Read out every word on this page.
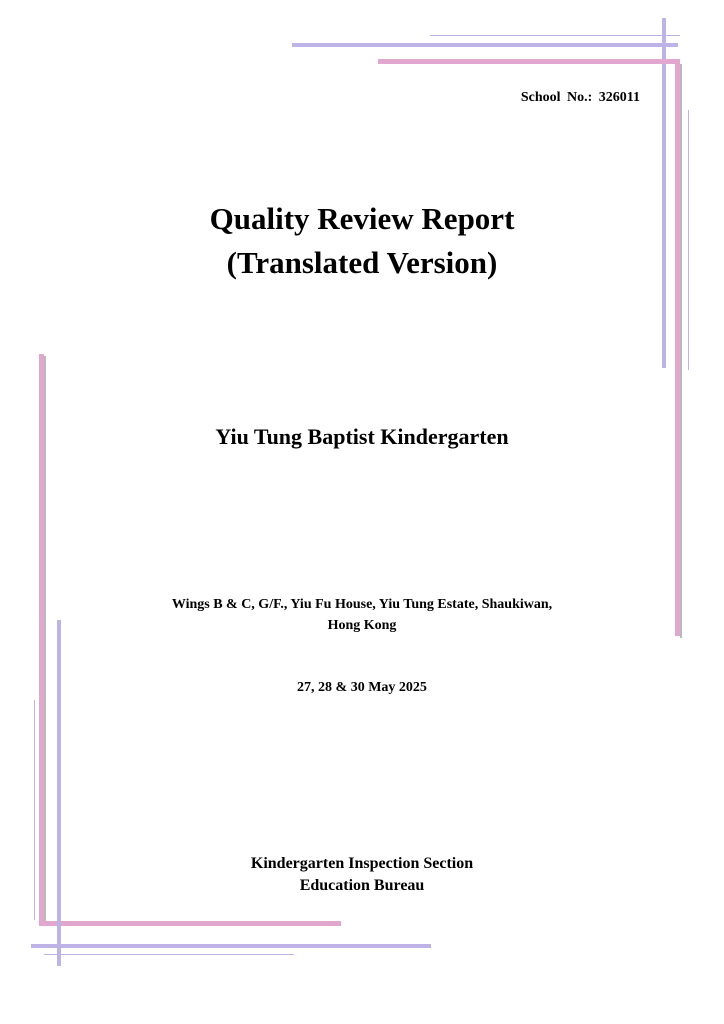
School No.: 326011
Quality Review Report
(Translated Version)
Yiu Tung Baptist Kindergarten
Wings B & C, G/F., Yiu Fu House, Yiu Tung Estate, Shaukiwan,
Hong Kong
27, 28 & 30 May 2025
Kindergarten Inspection Section
Education Bureau
